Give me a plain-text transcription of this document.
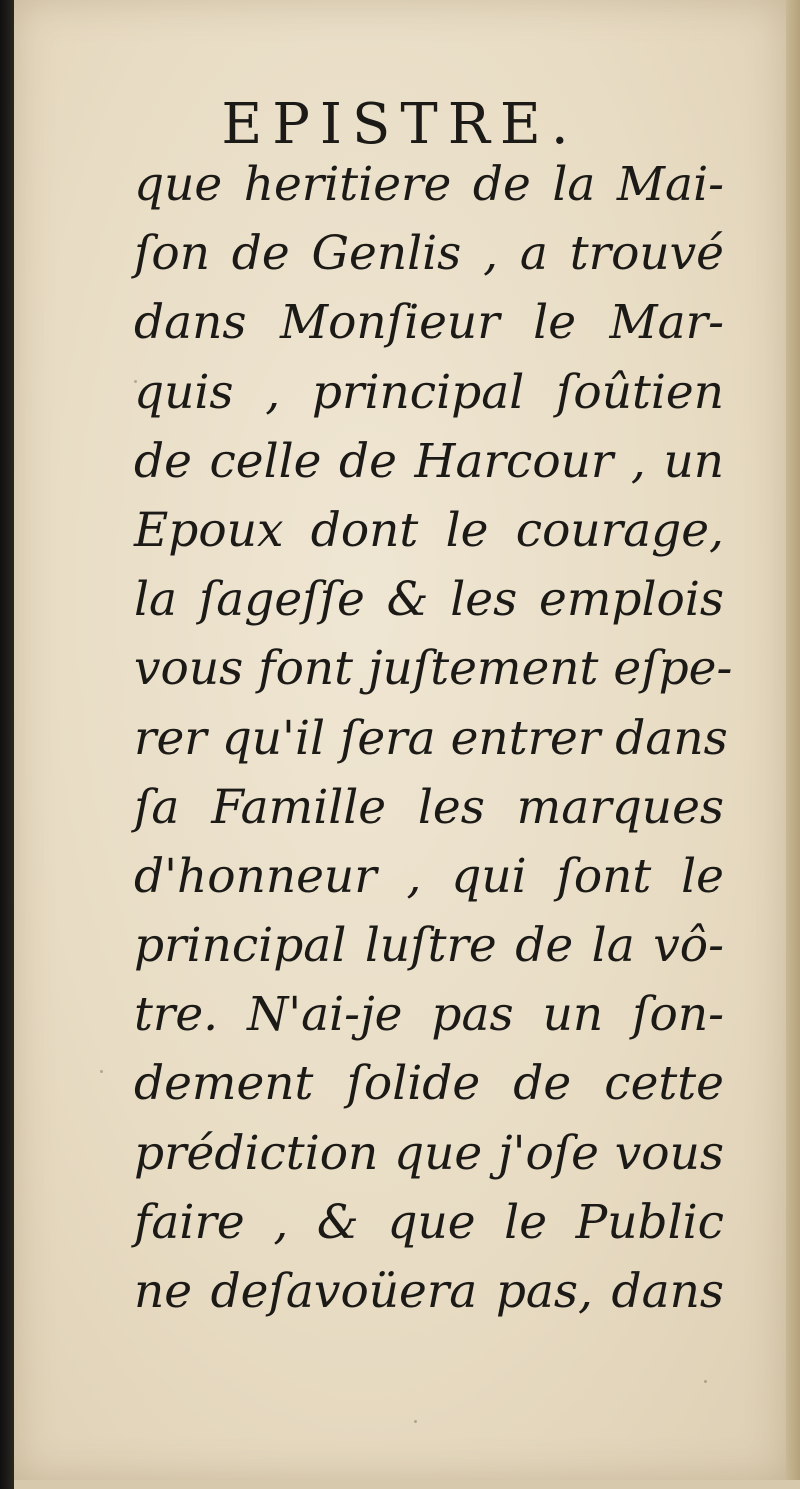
EPISTRE.
que heritiere de la Mai-
ſon de Genlis , a trouvé
dans Monſieur le Mar-
quis , principal ſoûtien
de celle de Harcour , un
Epoux dont le courage,
la ſageſſe & les emplois
vous font juſtement eſpe-
rer qu'il ſera entrer dans
ſa Famille les marques
d'honneur , qui ſont le
principal luſtre de la vô-
tre. N'ai-je pas un ſon-
dement ſolide de cette
prédiction que j'oſe vous
faire , & que le Public
ne deſavoüera pas, dans
